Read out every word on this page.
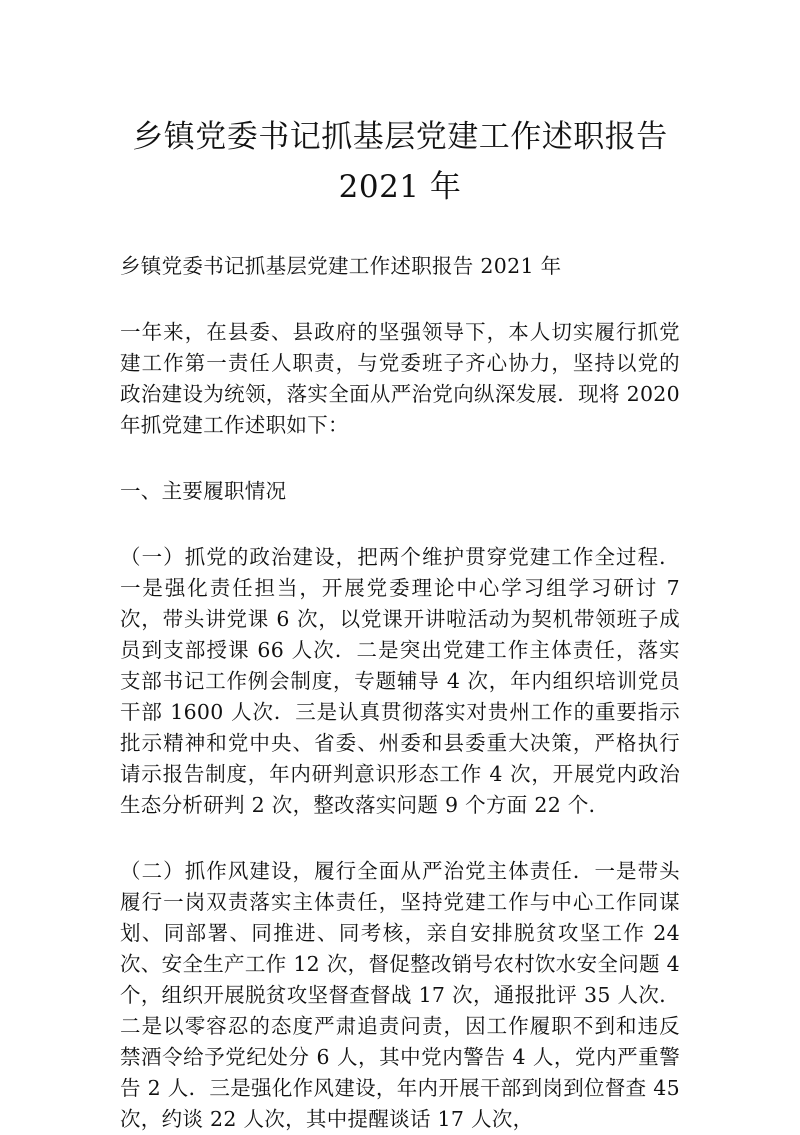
乡镇党委书记抓基层党建工作述职报告
2021 年

乡镇党委书记抓基层党建工作述职报告 2021 年

一年来，在县委、县政府的坚强领导下，本人切实履行抓党建工作第一责任人职责，与党委班子齐心协力，坚持以党的政治建设为统领，落实全面从严治党向纵深发展．现将 2020 年抓党建工作述职如下：

一、主要履职情况

（一）抓党的政治建设，把两个维护贯穿党建工作全过程．一是强化责任担当，开展党委理论中心学习组学习研讨 7 次，带头讲党课 6 次，以党课开讲啦活动为契机带领班子成员到支部授课 66 人次．二是突出党建工作主体责任，落实支部书记工作例会制度，专题辅导 4 次，年内组织培训党员干部 1600 人次．三是认真贯彻落实对贵州工作的重要指示批示精神和党中央、省委、州委和县委重大决策，严格执行请示报告制度，年内研判意识形态工作 4 次，开展党内政治生态分析研判 2 次，整改落实问题 9 个方面 22 个．

（二）抓作风建设，履行全面从严治党主体责任．一是带头履行一岗双责落实主体责任，坚持党建工作与中心工作同谋划、同部署、同推进、同考核，亲自安排脱贫攻坚工作 24 次、安全生产工作 12 次，督促整改销号农村饮水安全问题 4 个，组织开展脱贫攻坚督查督战 17 次，通报批评 35 人次．二是以零容忍的态度严肃追责问责，因工作履职不到和违反禁酒令给予党纪处分 6 人，其中党内警告 4 人，党内严重警告 2 人．三是强化作风建设，年内开展干部到岗到位督查 45 次，约谈 22 人次，其中提醒谈话 17 人次，
